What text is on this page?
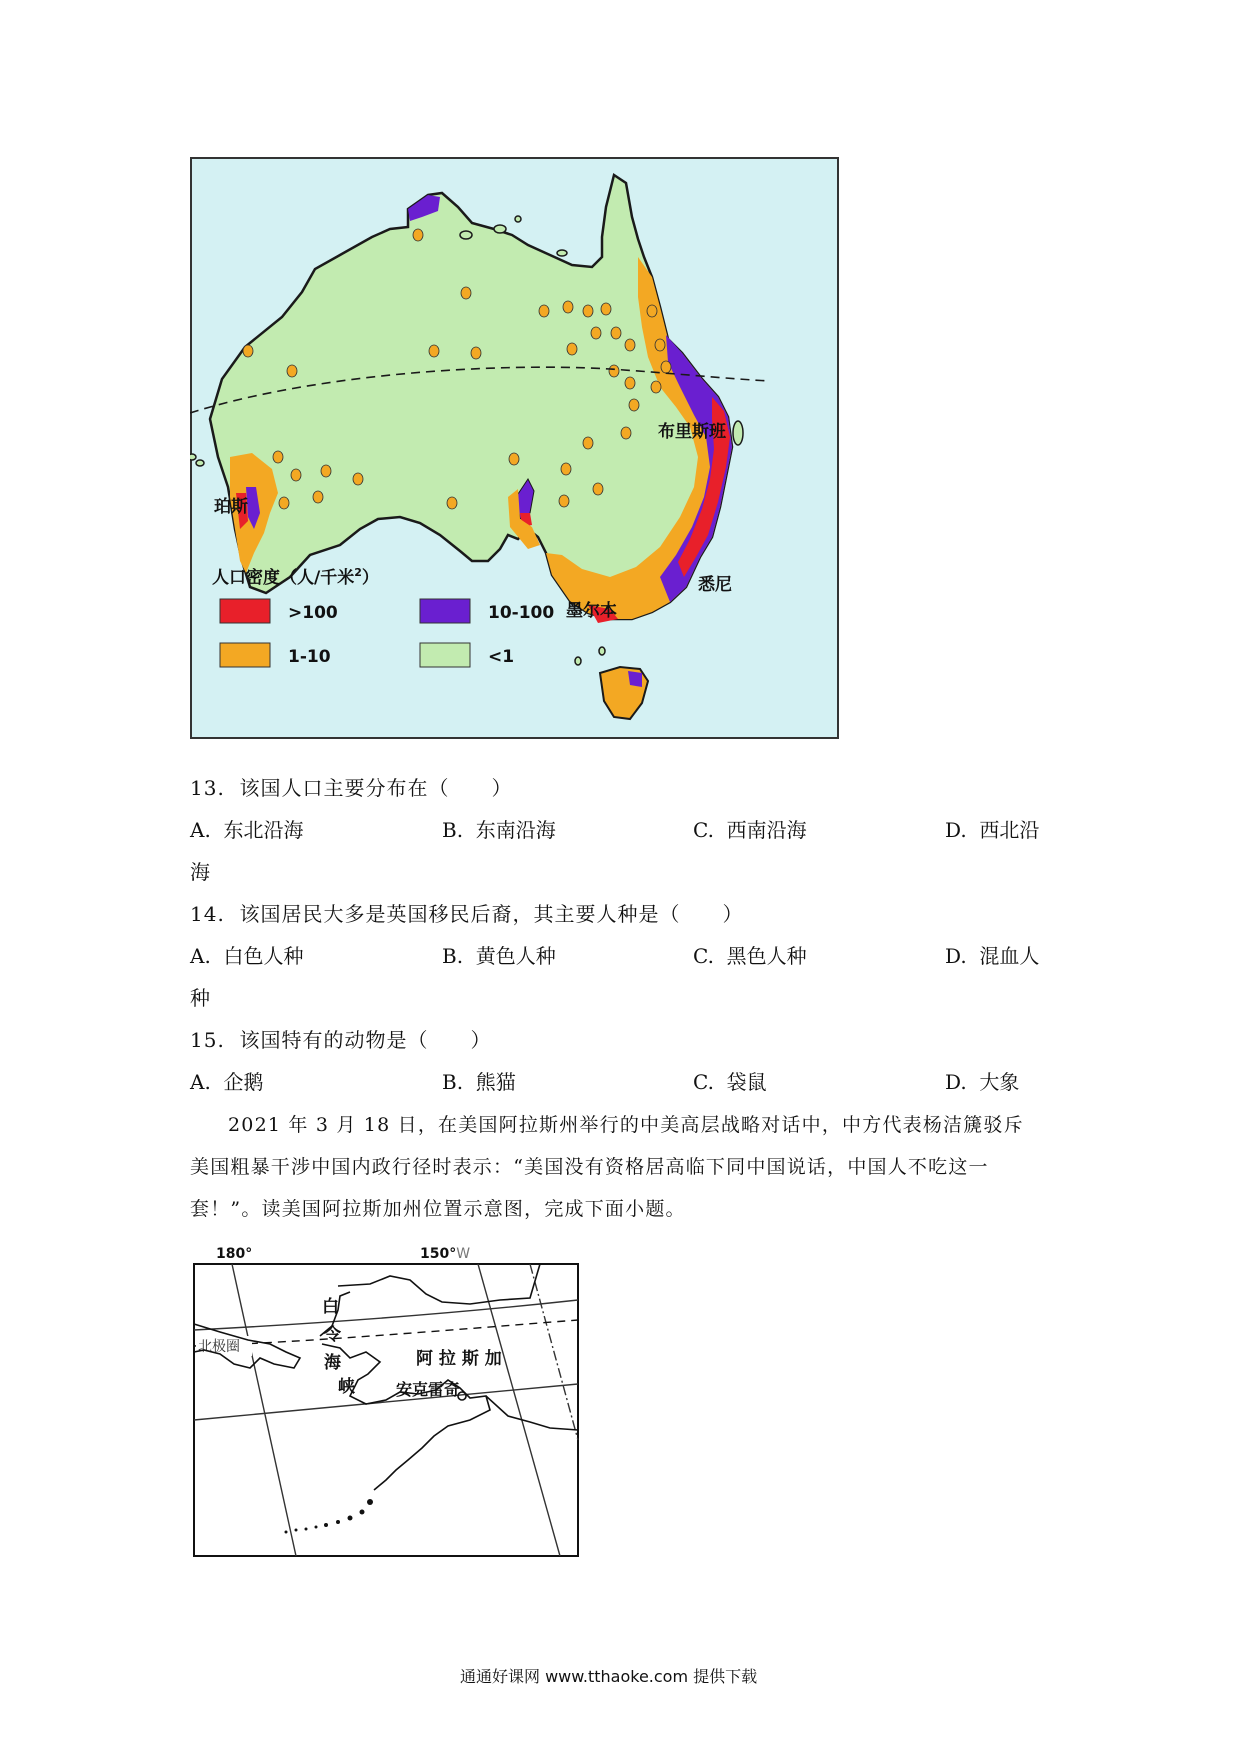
布里斯班
珀斯
悉尼
墨尔本
人口密度（人/千米$^2$）
>100	10-100
1-10	<1
13. 该国人口主要分布在（　　）
A. 东北沿海	B. 东南沿海	C. 西南沿海	D. 西北沿
海
14. 该国居民大多是英国移民后裔，其主要人种是（　　）
A. 白色人种	B. 黄色人种	C. 黑色人种	D. 混血人
种
15. 该国特有的动物是（　　）
A. 企鹅	B. 熊猫	C. 袋鼠	D. 大象
2021 年 3 月 18 日，在美国阿拉斯州举行的中美高层战略对话中，中方代表杨洁篪驳斥
美国粗暴干涉中国内政行径时表示：“美国没有资格居高临下同中国说话，中国人不吃这一
套！”。读美国阿拉斯加州位置示意图，完成下面小题。
180°	150°W
北极圈
白
令
海
峡
阿 拉 斯 加
安克雷奇
通通好课网 www.tthaoke.com 提供下载
